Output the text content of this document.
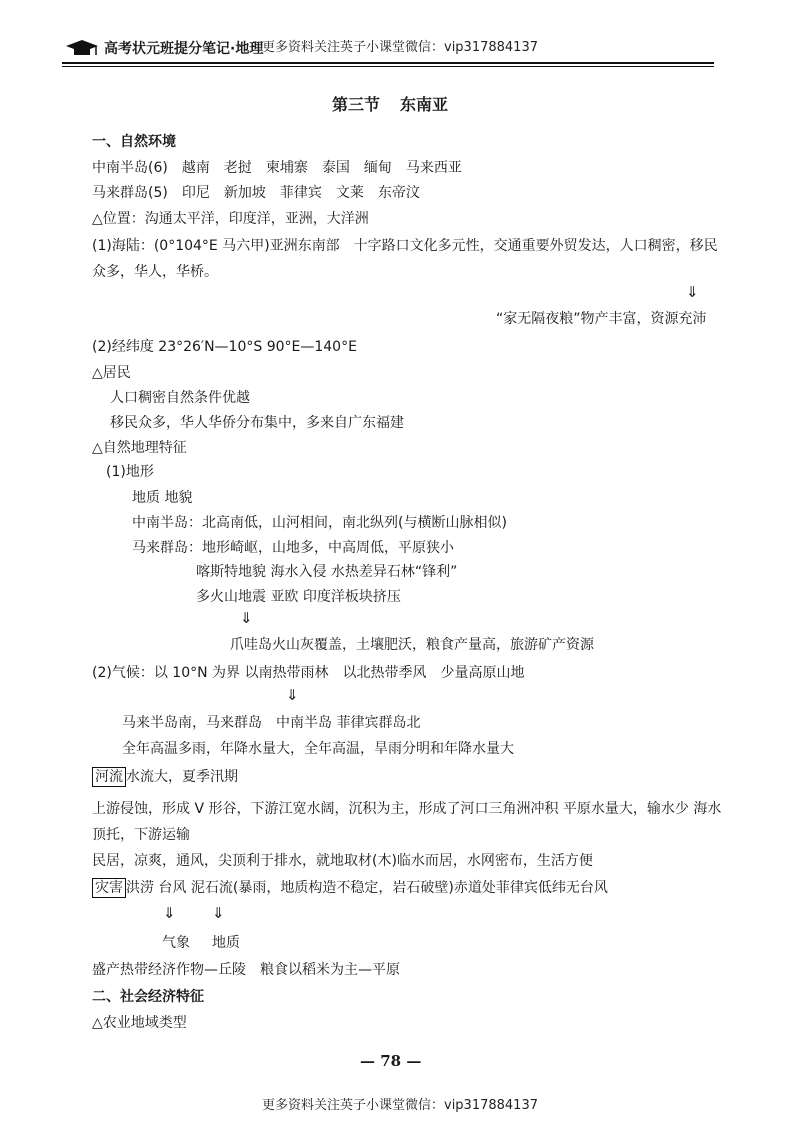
高考状元班提分笔记·地理
更多资料关注英子小课堂微信：vip317884137
第三节 东南亚
一、自然环境
中南半岛(6)　越南　老挝　柬埔寨　泰国　缅甸　马来西亚
马来群岛(5)　印尼　新加坡　菲律宾　文莱　东帝汶
△位置：沟通太平洋，印度洋，亚洲，大洋洲
(1)海陆：(0°104°E 马六甲)亚洲东南部　十字路口文化多元性，交通重要外贸发达，人口稠密，移民
众多，华人，华桥。
⇓
“家无隔夜粮”物产丰富，资源充沛
(2)经纬度 23°26′N—10°S 90°E—140°E
△居民
人口稠密自然条件优越
移民众多，华人华侨分布集中，多来自广东福建
△自然地理特征
(1)地形
地质 地貌
中南半岛：北高南低，山河相间，南北纵列(与横断山脉相似)
马来群岛：地形崎岖，山地多，中高周低，平原狭小
喀斯特地貌 海水入侵 水热差异石林“锋利”
多火山地震 亚欧 印度洋板块挤压
⇓
爪哇岛火山灰覆盖，土壤肥沃，粮食产量高，旅游矿产资源
(2)气候：以 10°N 为界 以南热带雨林　以北热带季风　少量高原山地
⇓
马来半岛南，马来群岛　中南半岛 菲律宾群岛北
全年高温多雨，年降水量大，全年高温，旱雨分明和年降水量大
河流 水流大，夏季汛期
上游侵蚀，形成 V 形谷，下游江宽水阔，沉积为主，形成了河口三角洲冲积 平原水量大，输水少 海水
顶托，下游运输
民居，凉爽，通风，尖顶利于排水，就地取材(木)临水而居，水网密布，生活方便
灾害 洪涝 台风 泥石流(暴雨，地质构造不稳定，岩石破壁)赤道处菲律宾低纬无台风
⇓ ⇓
气象 地质
盛产热带经济作物—丘陵　粮食以稻米为主—平原
二、社会经济特征
△农业地域类型
— 78 —
更多资料关注英子小课堂微信：vip317884137
